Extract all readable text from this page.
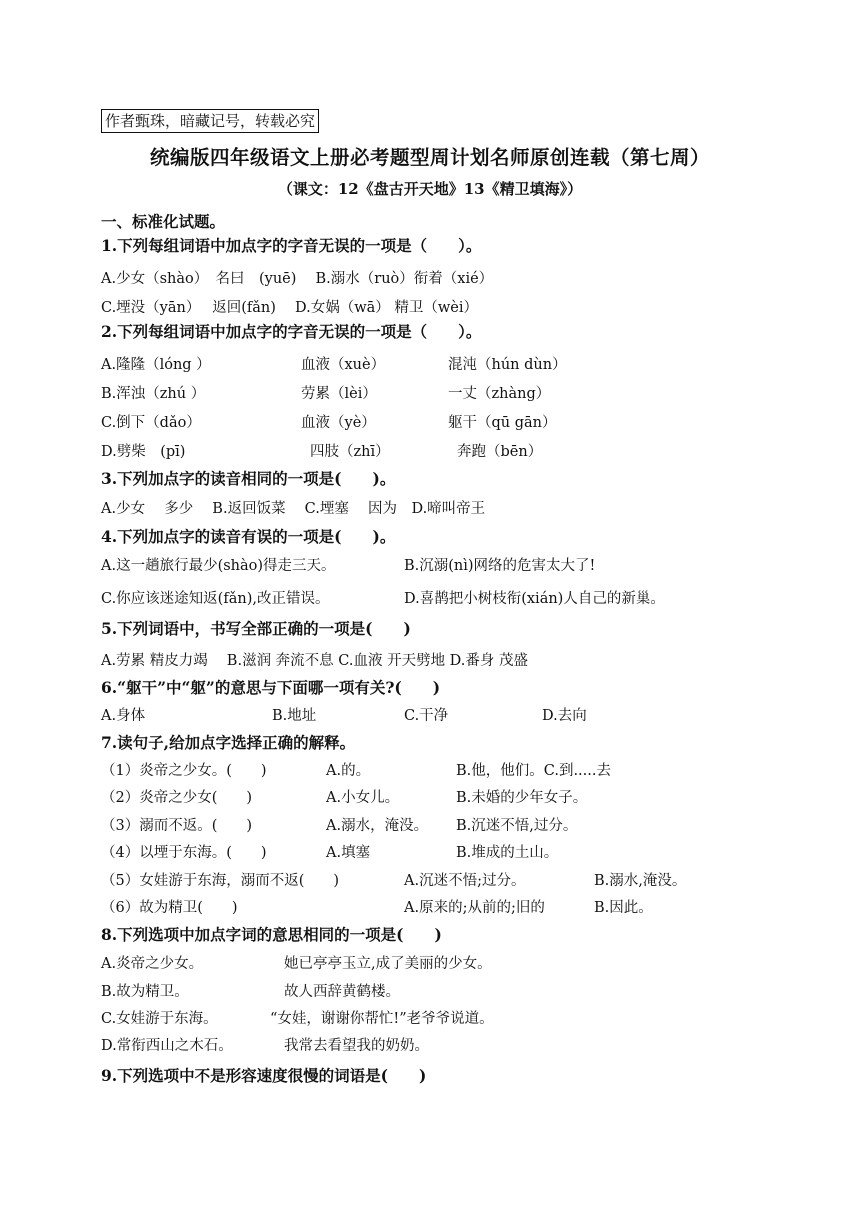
作者甄珠，暗藏记号，转载必究
统编版四年级语文上册必考题型周计划名师原创连载（第七周）
（课文：12《盘古开天地》13《精卫填海》）
一、标准化试题。
1.下列每组词语中加点字的字音无误的一项是（　　）。
A.少女（shào）　名曰　(yuē)　 B.溺水（ruò）衔着（xié）
C.堙没（yān）　 返回(fǎn)　 D.女娲（wā） 精卫（wèi）
2.下列每组词语中加点字的字音无误的一项是（　　）。
A.隆隆（lóng ）	血液（xuè）	混沌（hún dùn）
B.浑浊（zhú ）	劳累（lèi）	一丈（zhàng）
C.倒下（dǎo）	血液（yè）	躯干（qū gān）
D.劈柴　(pī)	四肢（zhī）	奔跑（bēn）
3.下列加点字的读音相同的一项是(　　)。
A.少女　 多少　 B.返回饭菜　 C.堙塞　 因为　D.啼叫帝王
4.下列加点字的读音有误的一项是(　　)。
A.这一趟旅行最少(shào)得走三天。	B.沉溺(nì)网络的危害太大了!
C.你应该迷途知返(fǎn),改正错误。	D.喜鹊把小树枝衔(xián)人自己的新巢。
5.下列词语中，书写全部正确的一项是(　　)
A.劳累 精皮力竭　 B.滋润 奔流不息 C.血液 开天劈地 D.番身 茂盛
6.“躯干”中“躯”的意思与下面哪一项有关?(　　)
A.身体	B.地址	C.干净	D.去向
7.读句子,给加点字选择正确的解释。
（1）炎帝之少女。(　　)	A.的。	B.他，他们。C.到.....去
（2）炎帝之少女(　　)	A.小女儿。	B.未婚的少年女子。
（3）溺而不返。(　　)	A.溺水，淹没。 B.沉迷不悟,过分。
（4）以堙于东海。(　　)	A.填塞	B.堆成的土山。
（5）女娃游于东海，溺而不返(　　)	A.沉迷不悟;过分。	B.溺水,淹没。
（6）故为精卫(　　)	A.原来的;从前的;旧的	B.因此。
8.下列选项中加点字词的意思相同的一项是(　　)
A.炎帝之少女。	她已亭亭玉立,成了美丽的少女。
B.故为精卫。	故人西辞黄鹤楼。
C.女娃游于东海。	“女娃，谢谢你帮忙!”老爷爷说道。
D.常衔西山之木石。	我常去看望我的奶奶。
9.下列选项中不是形容速度很慢的词语是(　　)
